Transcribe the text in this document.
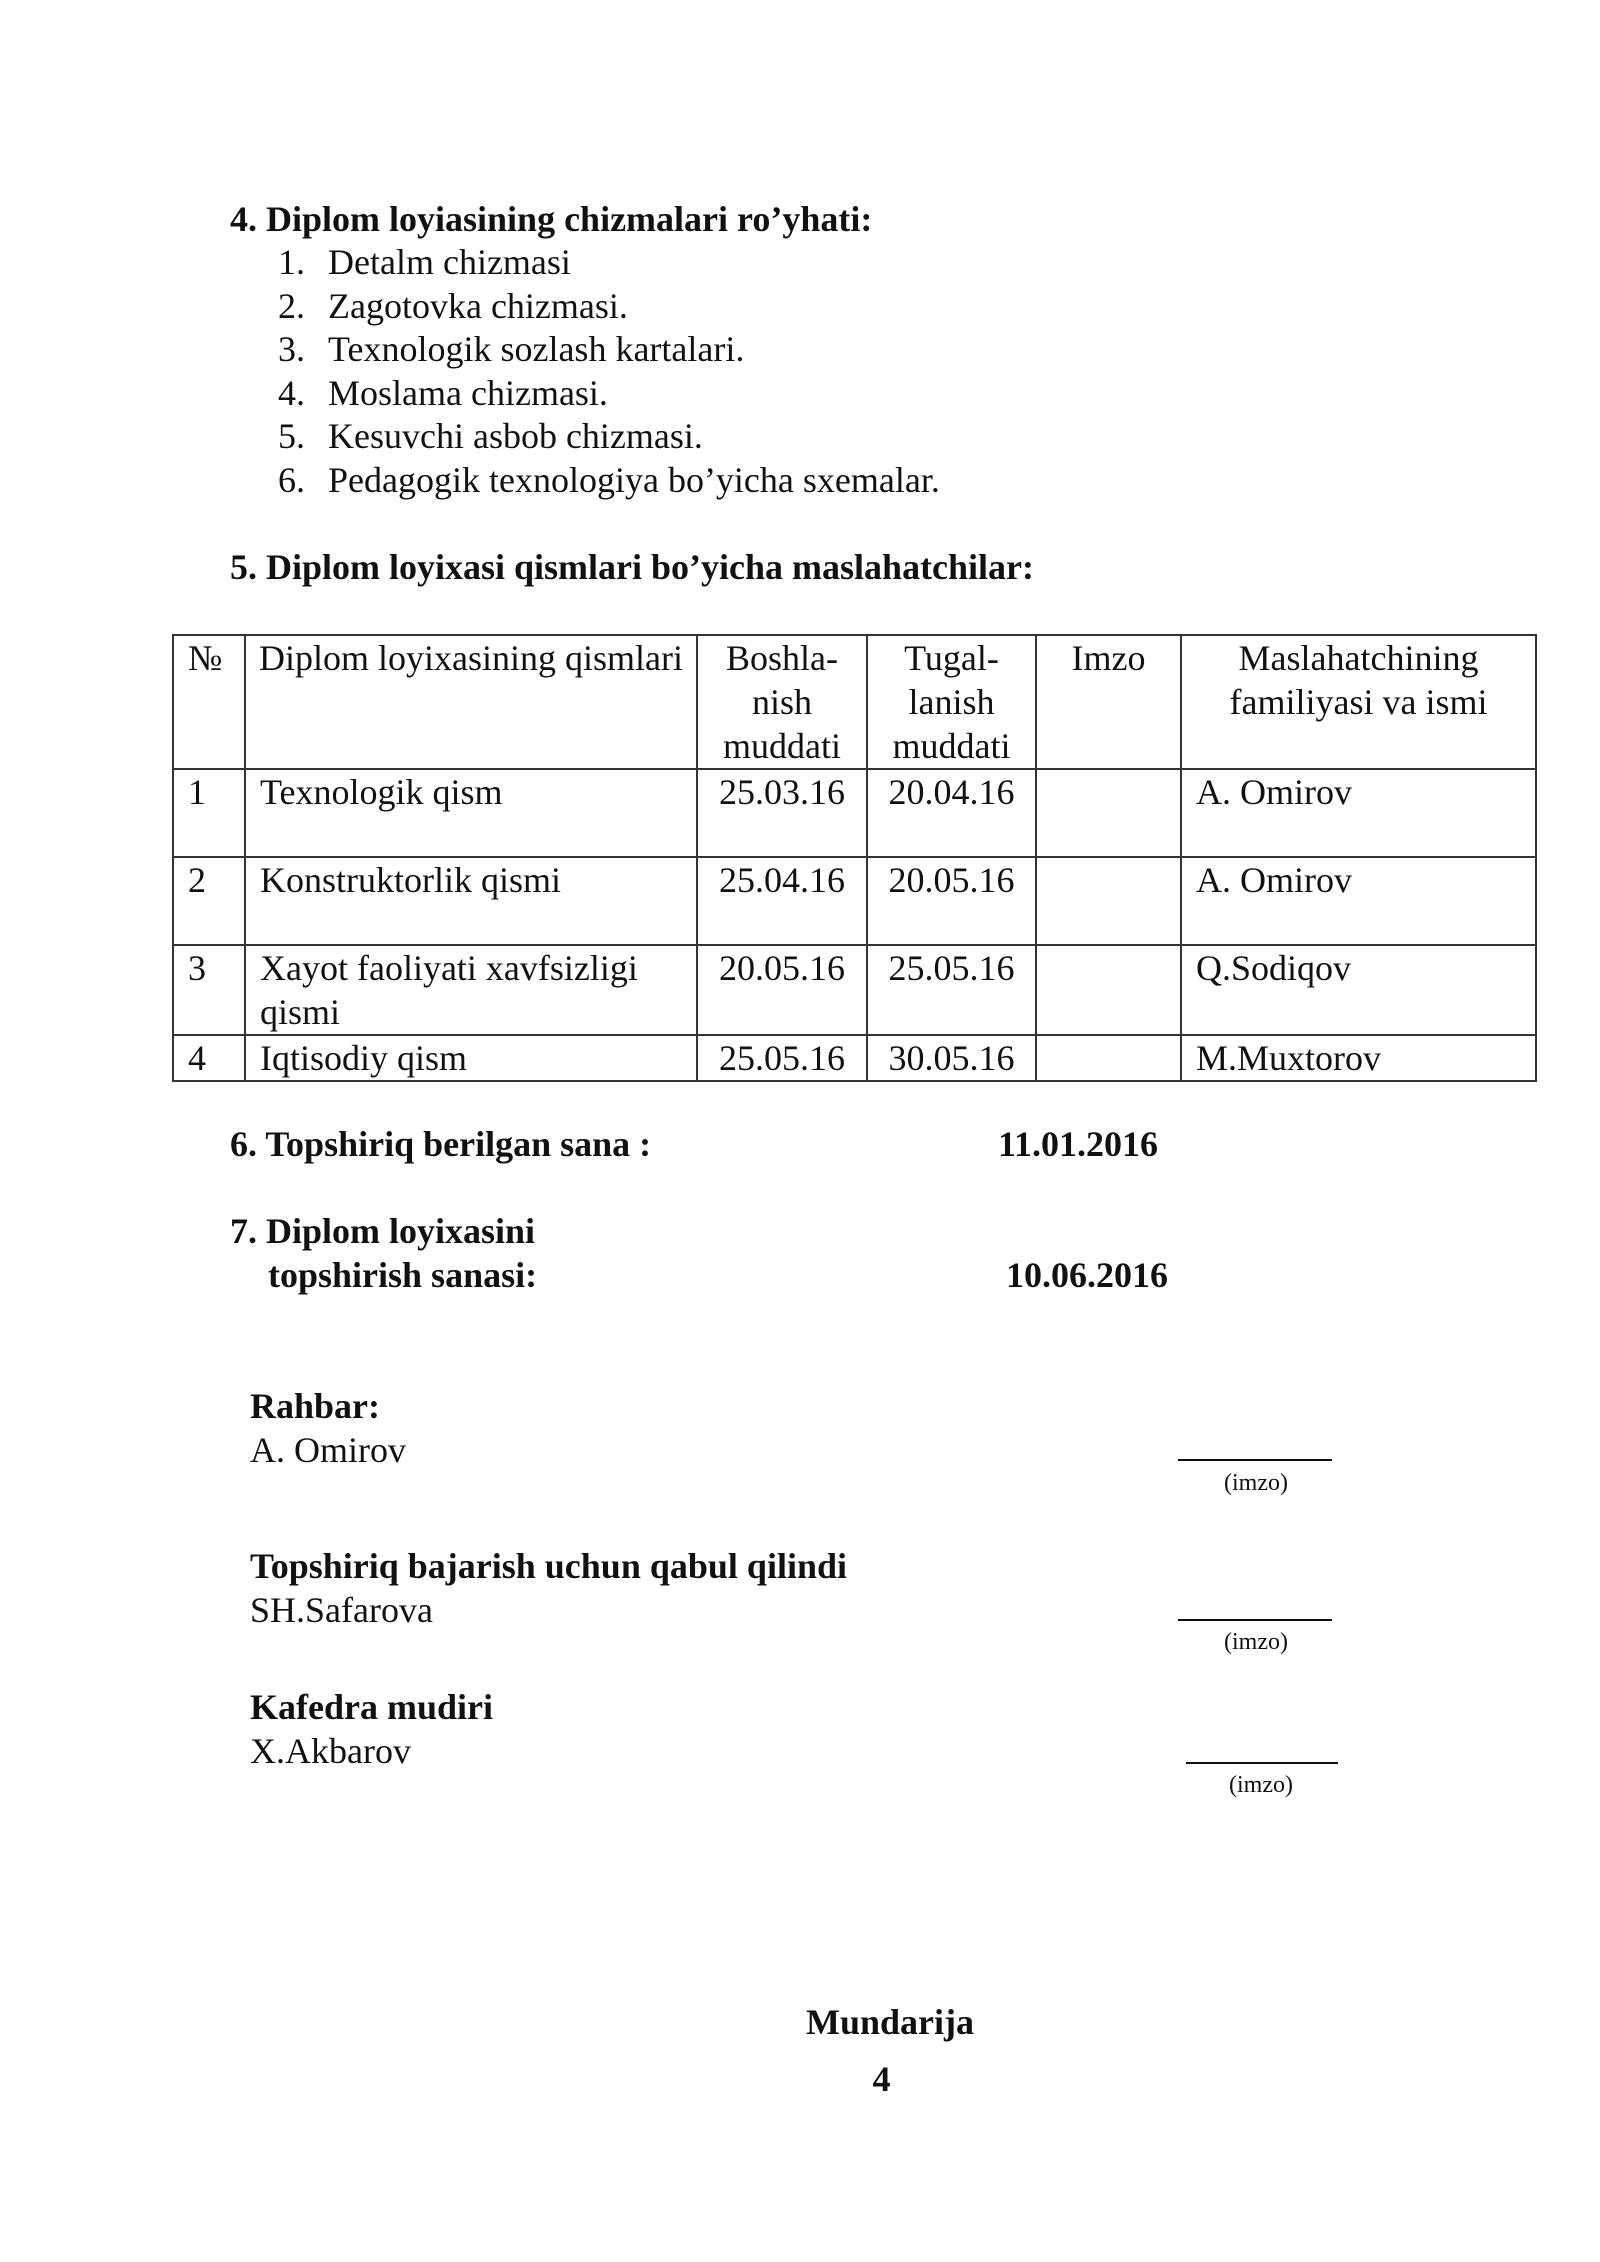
4. Diplom loyiasining chizmalari ro’yhati:
1. Detalm chizmasi
2. Zagotovka chizmasi.
3. Texnologik sozlash kartalari.
4. Moslama chizmasi.
5. Kesuvchi asbob chizmasi.
6. Pedagogik texnologiya bo’yicha sxemalar.
5. Diplom loyixasi qismlari bo’yicha maslahatchilar:
№	Diplom loyixasining qismlari	Boshla-nish muddati	Tugal-lanish muddati	Imzo	Maslahatchining familiyasi va ismi
1	Texnologik qism	25.03.16	20.04.16		A. Omirov
2	Konstruktorlik qismi	25.04.16	20.05.16		A. Omirov
3	Xayot faoliyati xavfsizligi qismi	20.05.16	25.05.16		Q.Sodiqov
4	Iqtisodiy qism	25.05.16	30.05.16		M.Muxtorov
6. Topshiriq berilgan sana :	11.01.2016
7. Diplom loyixasini
topshirish sanasi:	10.06.2016
Rahbar:
A. Omirov
(imzo)
Topshiriq bajarish uchun qabul qilindi
SH.Safarova
(imzo)
Kafedra mudiri
X.Akbarov
(imzo)
Mundarija
4
